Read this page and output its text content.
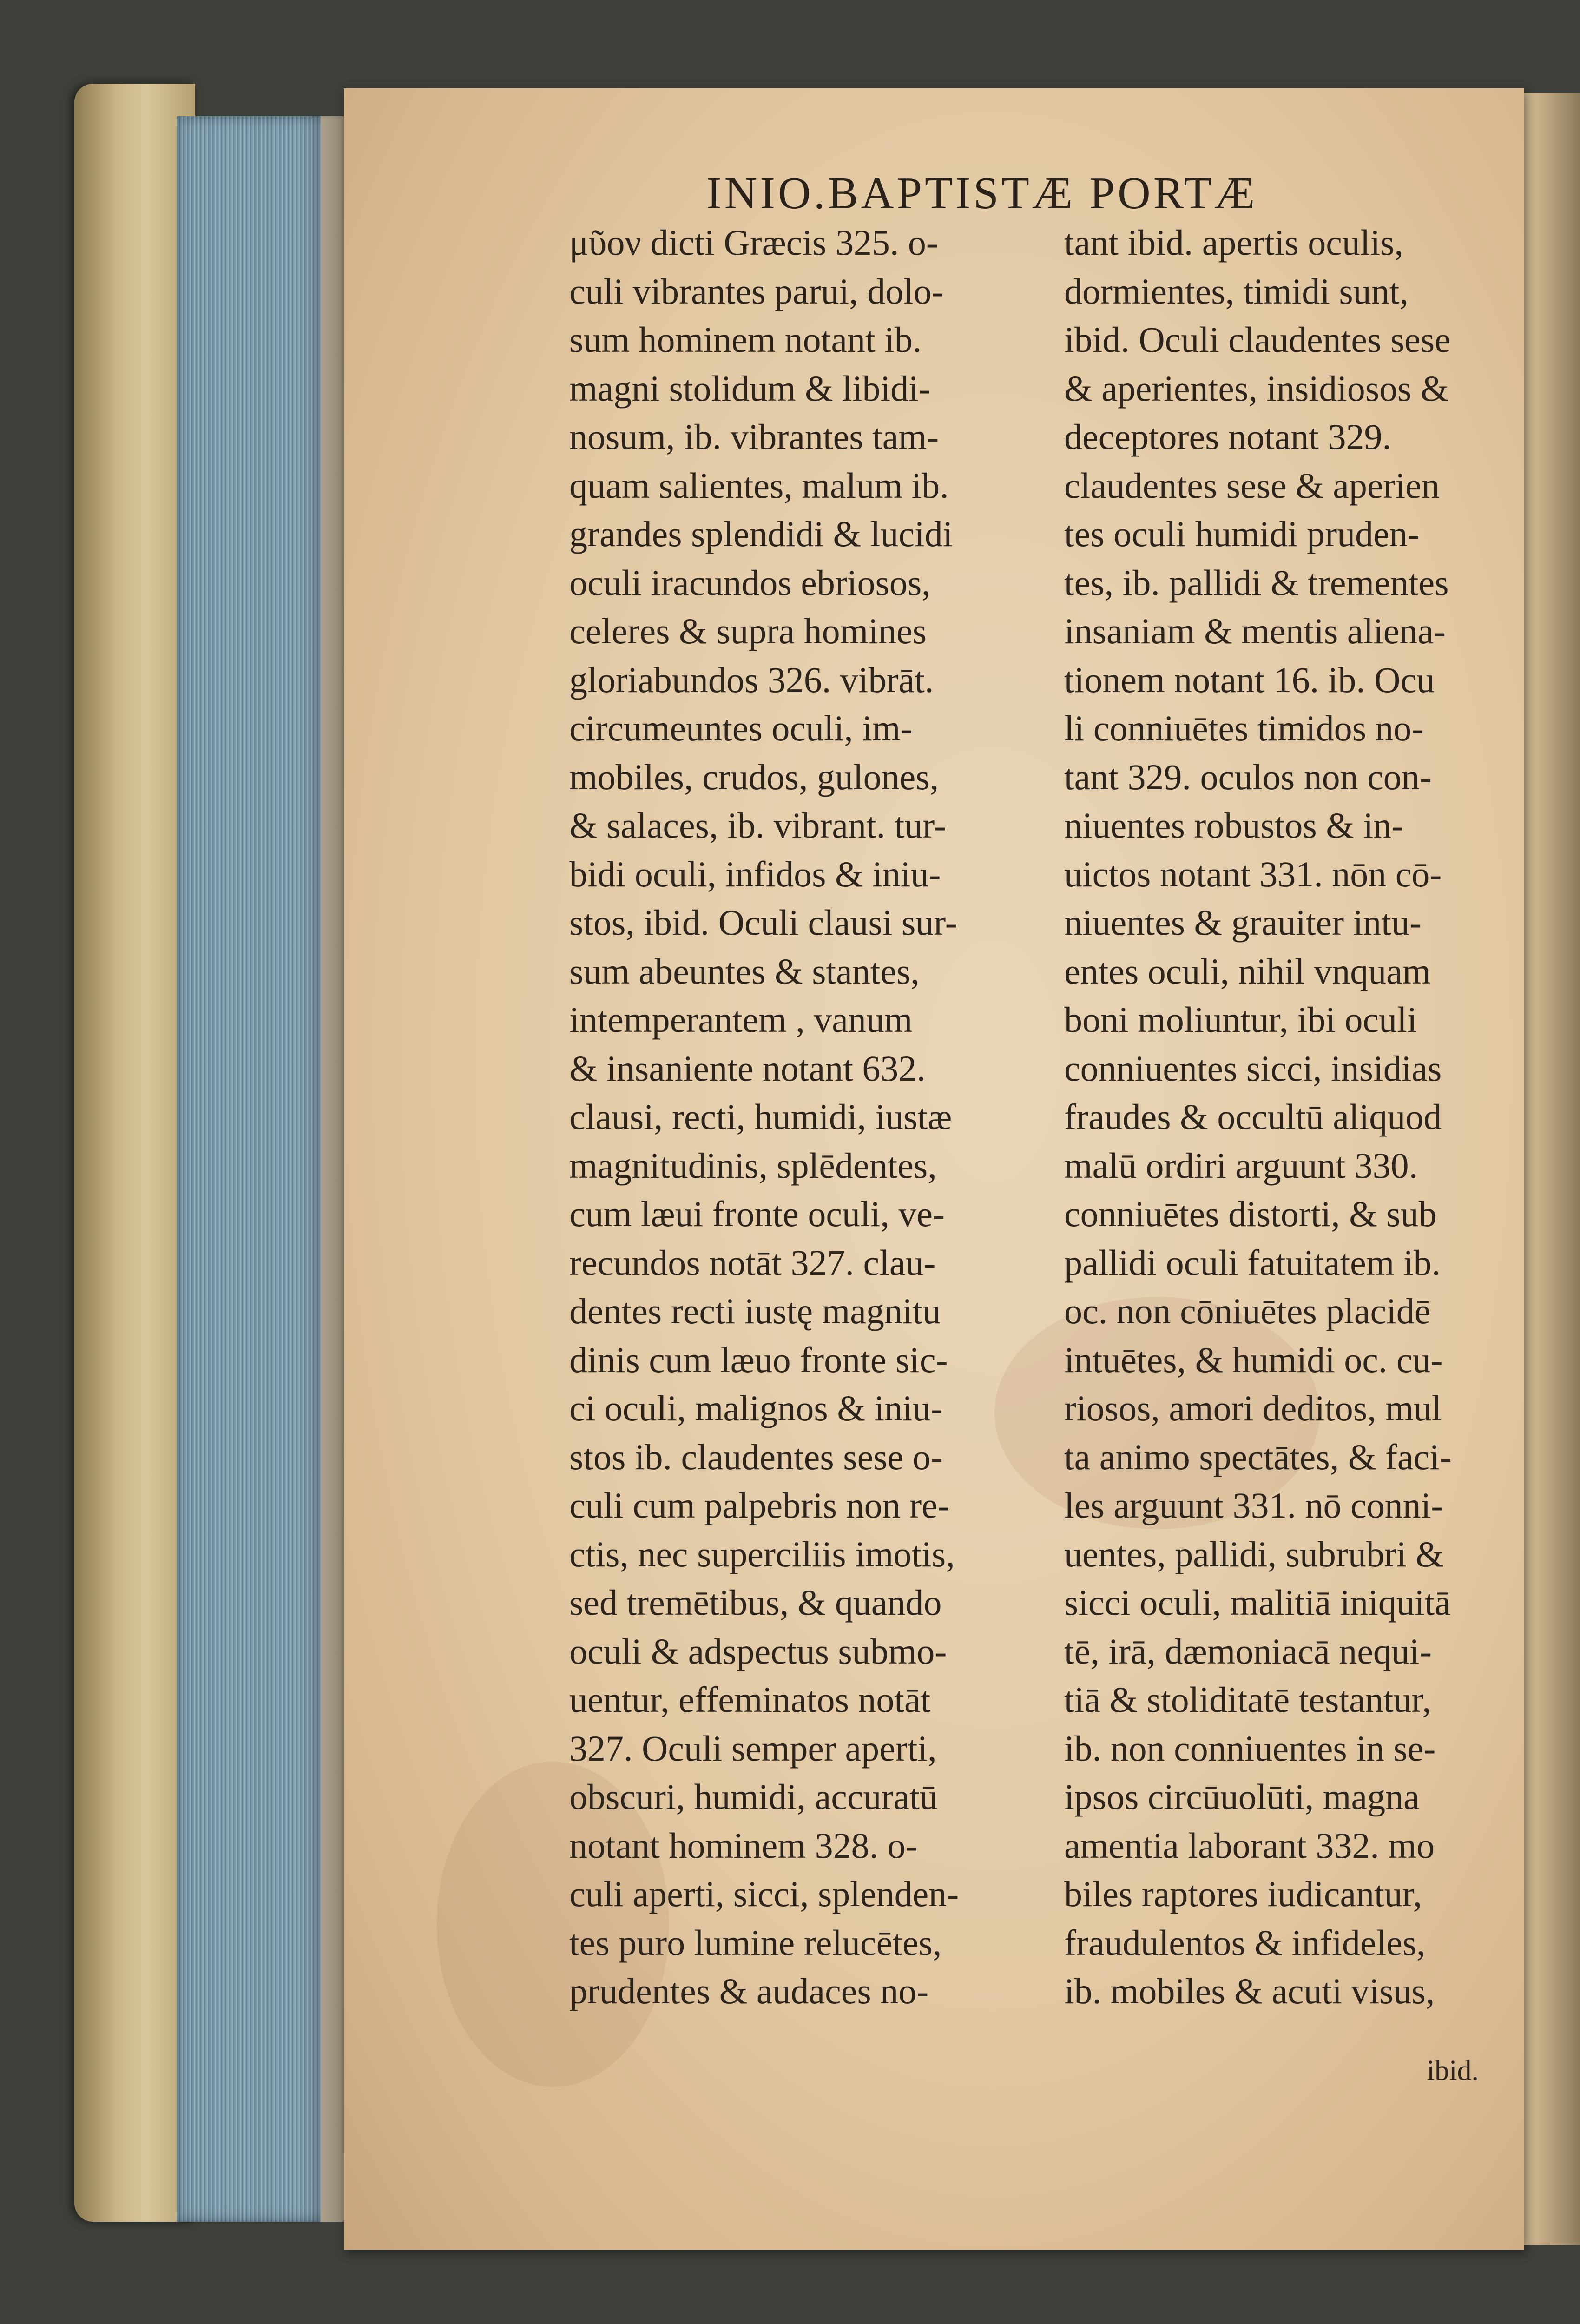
INIO.BAPTISTÆ PORTÆ
μῦον dicti Græcis 325. o-
culi vibrantes parui, dolo-
sum hominem notant ib.
magni stolidum & libidi-
nosum, ib. vibrantes tam-
quam salientes, malum ib.
grandes splendidi & lucidi
oculi iracundos ebriosos,
celeres & supra homines
gloriabundos 326. vibrāt.
circumeuntes oculi, im-
mobiles, crudos, gulones,
& salaces, ib. vibrant. tur-
bidi oculi, infidos & iniu-
stos, ibid. Oculi clausi sur-
sum abeuntes & stantes,
intemperantem , vanum
& insaniente notant 632.
clausi, recti, humidi, iustæ
magnitudinis, splēdentes,
cum læui fronte oculi, ve-
recundos notāt 327. clau-
dentes recti iustę magnitu
dinis cum læuo fronte sic-
ci oculi, malignos & iniu-
stos ib. claudentes sese o-
culi cum palpebris non re-
ctis, nec superciliis imotis,
sed tremētibus, & quando
oculi & adspectus submo-
uentur, effeminatos notāt
327. Oculi semper aperti,
obscuri, humidi, accuratū
notant hominem 328. o-
culi aperti, sicci, splenden-
tes puro lumine relucētes,
prudentes & audaces no-
tant ibid. apertis oculis,
dormientes, timidi sunt,
ibid. Oculi claudentes sese
& aperientes, insidiosos &
deceptores notant 329.
claudentes sese & aperien
tes oculi humidi pruden-
tes, ib. pallidi & trementes
insaniam & mentis aliena-
tionem notant 16. ib. Ocu
li conniuētes timidos no-
tant 329. oculos non con-
niuentes robustos & in-
uictos notant 331. nōn cō-
niuentes & grauiter intu-
entes oculi, nihil vnquam
boni moliuntur, ibi oculi
conniuentes sicci, insidias
fraudes & occultū aliquod
malū ordiri arguunt 330.
conniuētes distorti, & sub
pallidi oculi fatuitatem ib.
oc. non cōniuētes placidē
intuētes, & humidi oc. cu-
riosos, amori deditos, mul
ta animo spectātes, & faci-
les arguunt 331. nō conni-
uentes, pallidi, subrubri &
sicci oculi, malitiā iniquitā
tē, irā, dæmoniacā nequi-
tiā & stoliditatē testantur,
ib. non conniuentes in se-
ipsos circūuolūti, magna
amentia laborant 332. mo
biles raptores iudicantur,
fraudulentos & infideles,
ib. mobiles & acuti visus,
ibid.
